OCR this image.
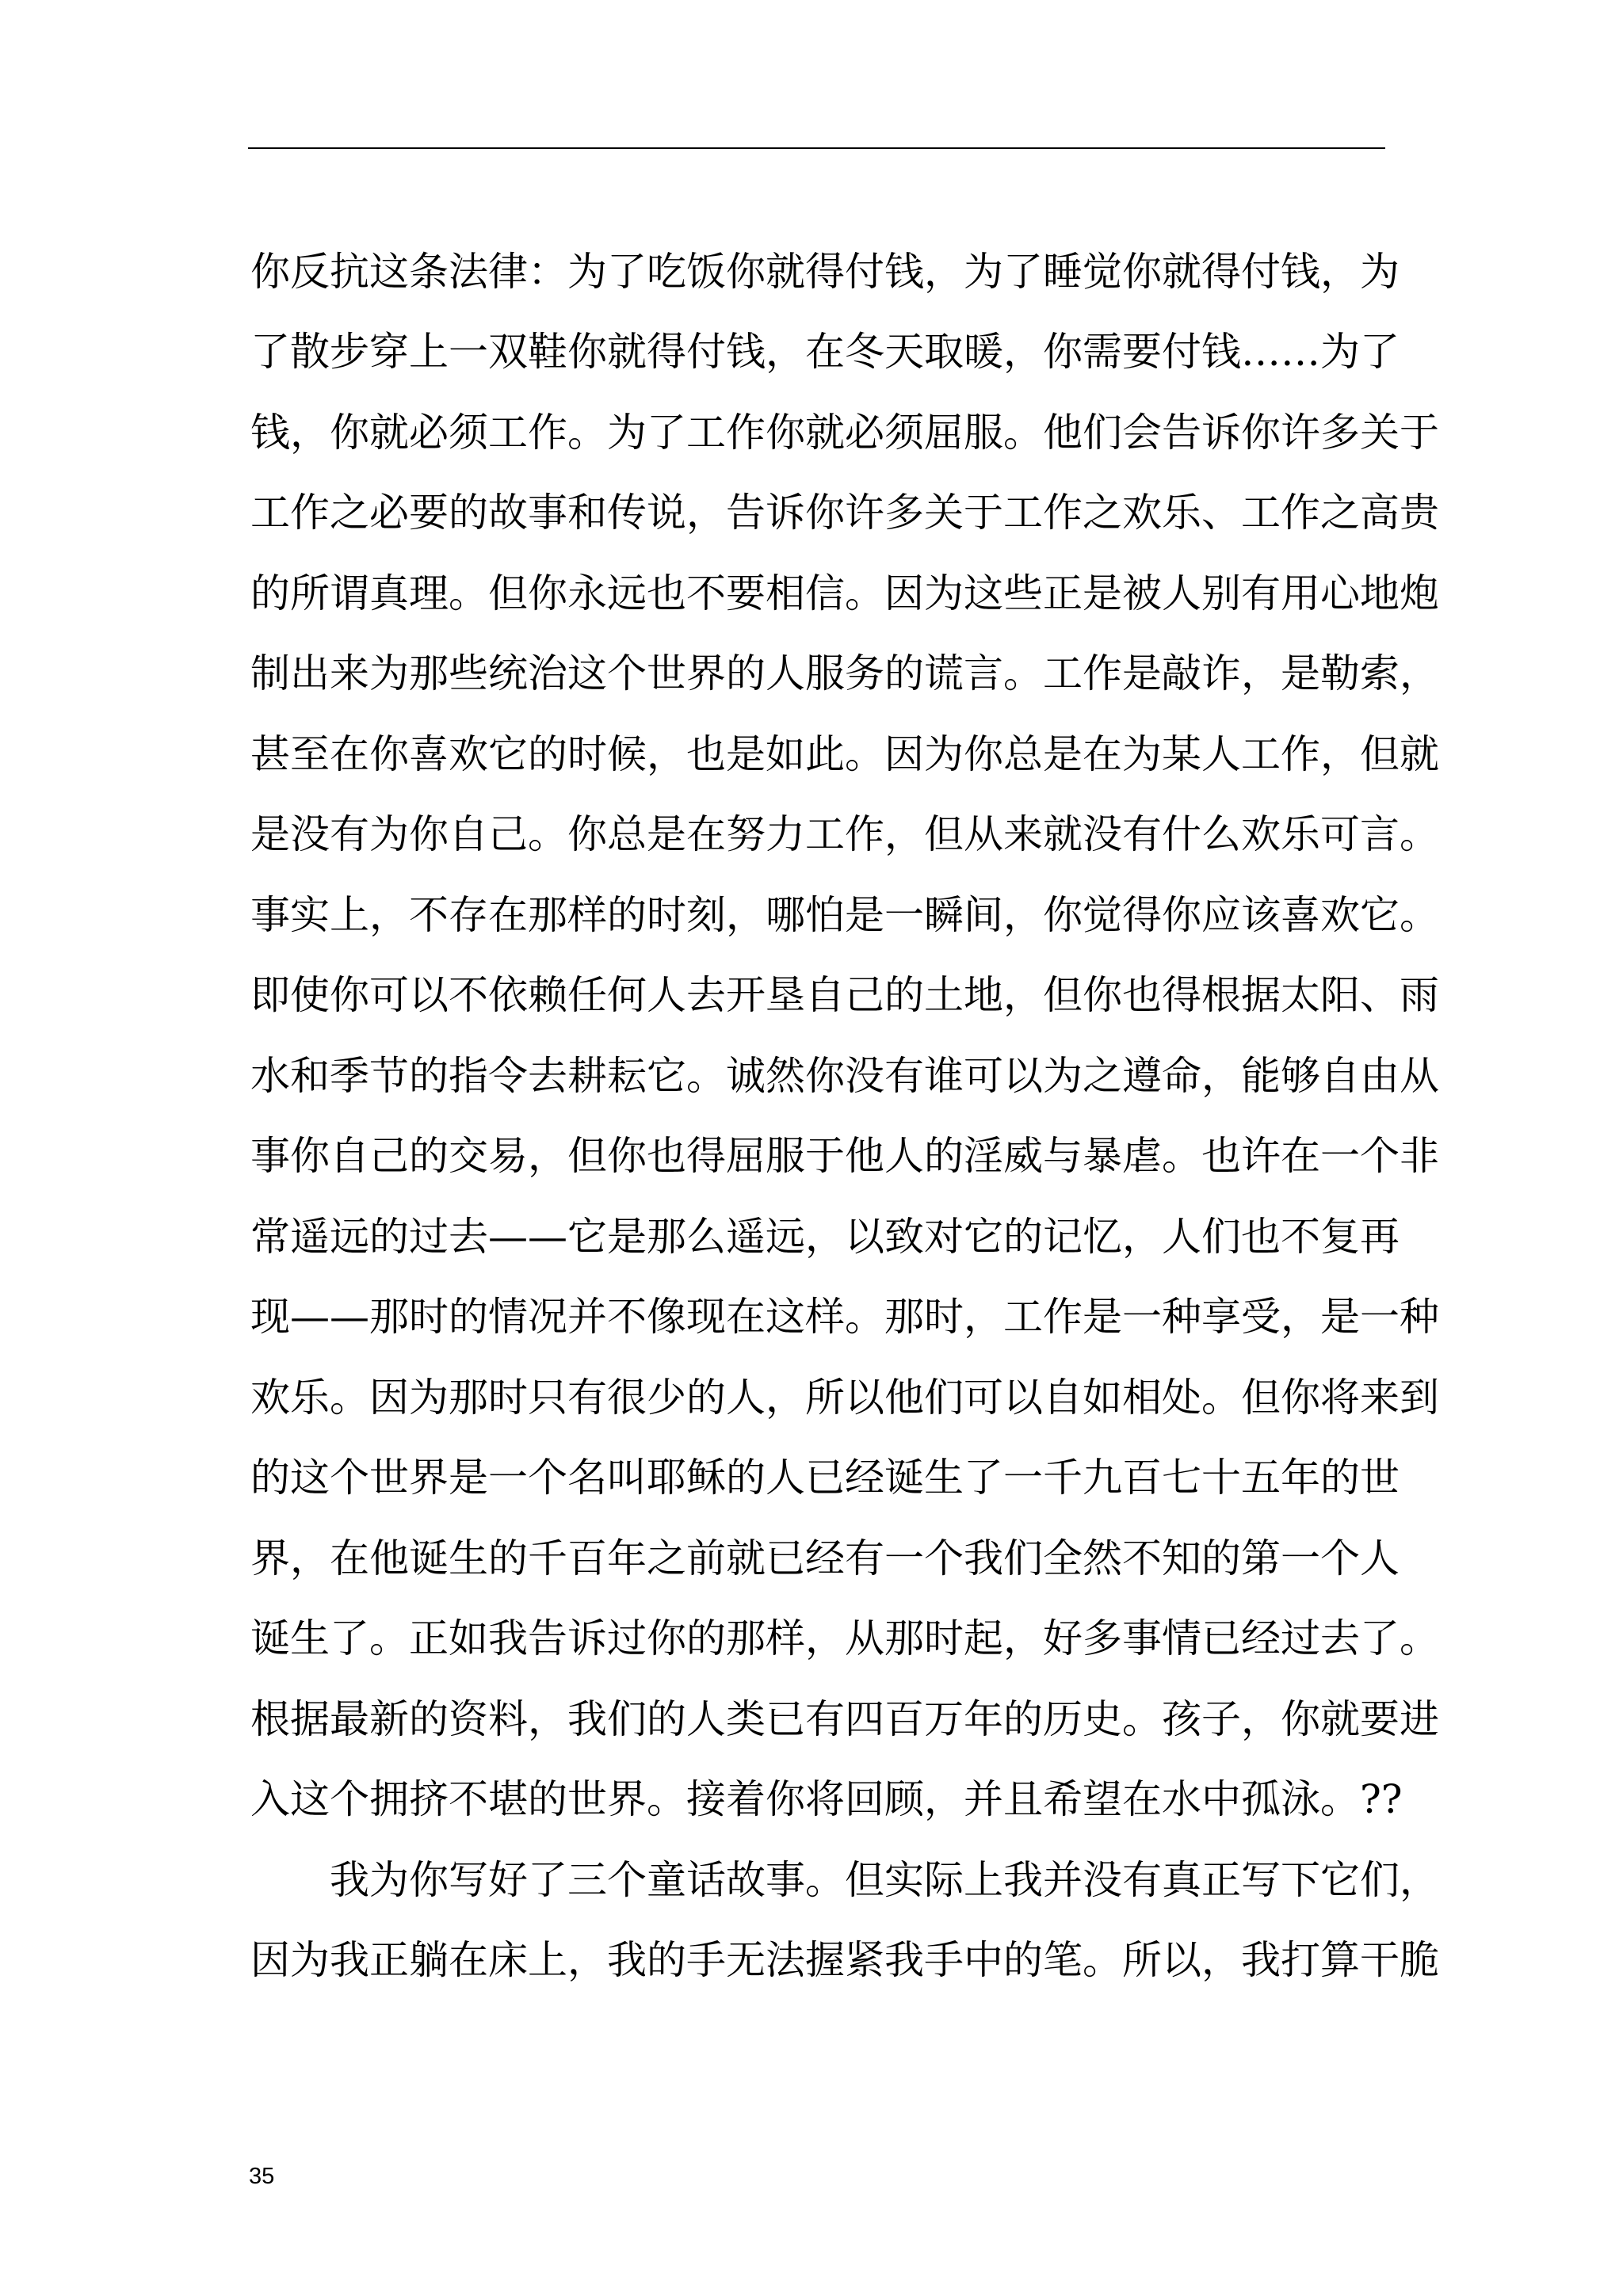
你反抗这条法律：为了吃饭你就得付钱，为了睡觉你就得付钱，为
了散步穿上一双鞋你就得付钱，在冬天取暖，你需要付钱……为了
钱，你就必须工作。为了工作你就必须屈服。他们会告诉你许多关于
工作之必要的故事和传说，告诉你许多关于工作之欢乐、工作之高贵
的所谓真理。但你永远也不要相信。因为这些正是被人别有用心地炮
制出来为那些统治这个世界的人服务的谎言。工作是敲诈，是勒索，
甚至在你喜欢它的时候，也是如此。因为你总是在为某人工作，但就
是没有为你自己。你总是在努力工作，但从来就没有什么欢乐可言。
事实上，不存在那样的时刻，哪怕是一瞬间，你觉得你应该喜欢它。
即使你可以不依赖任何人去开垦自己的土地，但你也得根据太阳、雨
水和季节的指令去耕耘它。诚然你没有谁可以为之遵命，能够自由从
事你自己的交易，但你也得屈服于他人的淫威与暴虐。也许在一个非
常遥远的过去——它是那么遥远，以致对它的记忆，人们也不复再
现——那时的情况并不像现在这样。那时，工作是一种享受，是一种
欢乐。因为那时只有很少的人，所以他们可以自如相处。但你将来到
的这个世界是一个名叫耶稣的人已经诞生了一千九百七十五年的世
界，在他诞生的千百年之前就已经有一个我们全然不知的第一个人
诞生了。正如我告诉过你的那样，从那时起，好多事情已经过去了。
根据最新的资料，我们的人类已有四百万年的历史。孩子，你就要进
入这个拥挤不堪的世界。接着你将回顾，并且希望在水中孤泳。??
　　我为你写好了三个童话故事。但实际上我并没有真正写下它们，
因为我正躺在床上，我的手无法握紧我手中的笔。所以，我打算干脆
35
